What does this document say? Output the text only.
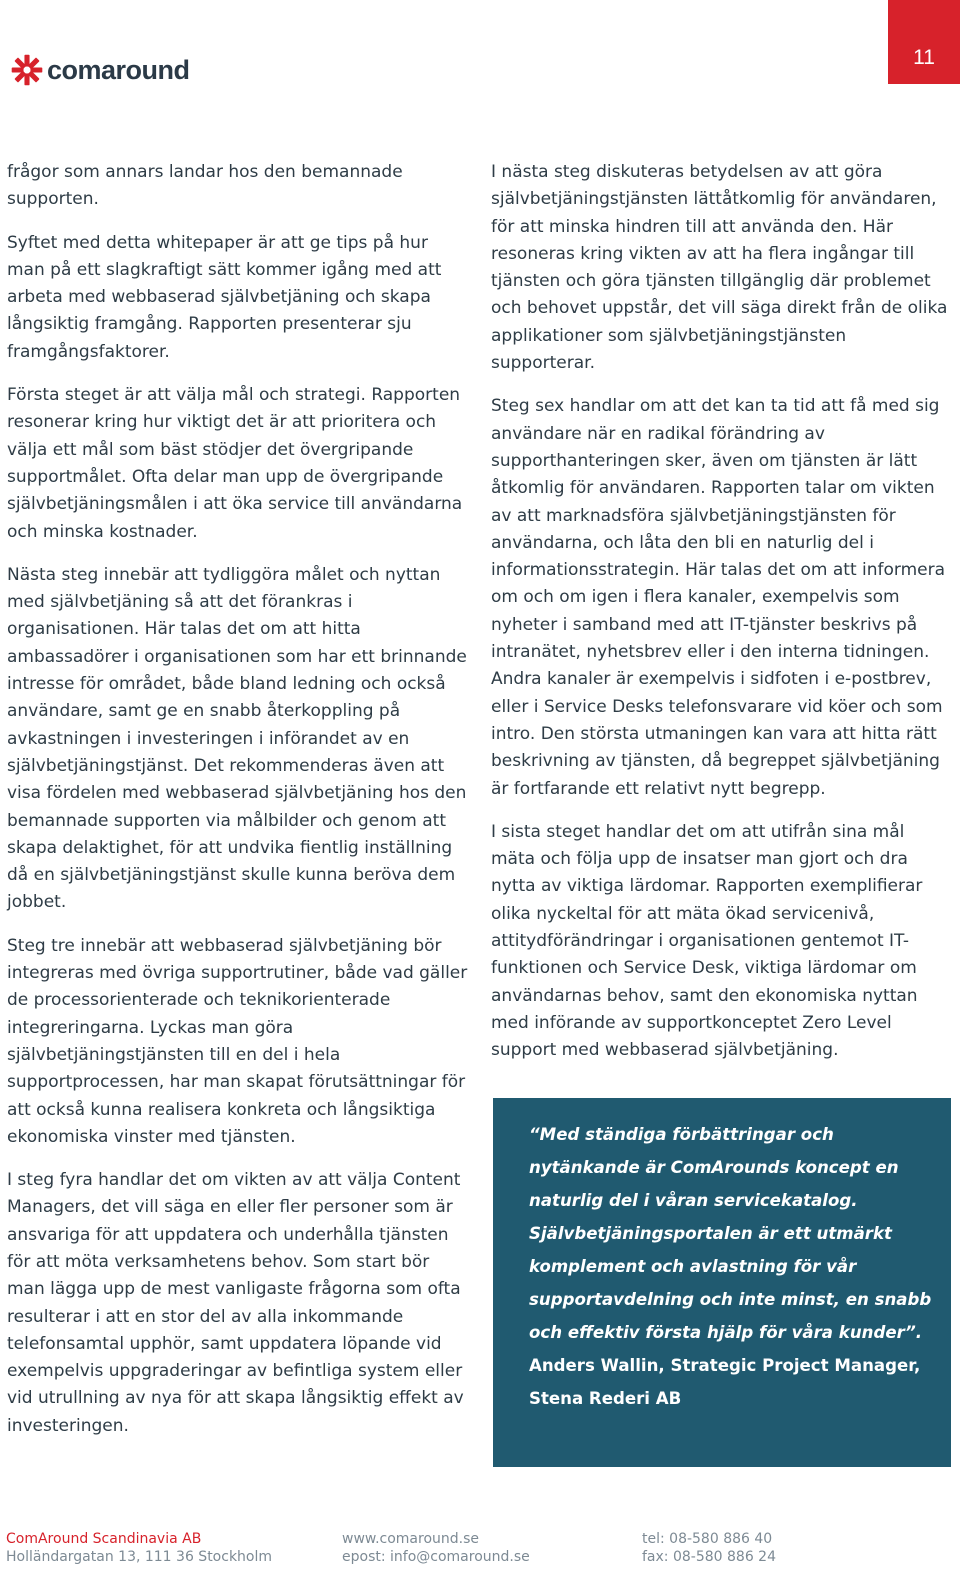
comaround	11

frågor som annars landar hos den bemannade supporten.

Syftet med detta whitepaper är att ge tips på hur man på ett slagkraftigt sätt kommer igång med att arbeta med webbaserad självbetjäning och skapa långsiktig framgång. Rapporten presenterar sju framgångsfaktorer.

Första steget är att välja mål och strategi. Rapporten resonerar kring hur viktigt det är att prioritera och välja ett mål som bäst stödjer det övergripande supportmålet. Ofta delar man upp de övergripande självbetjäningsmålen i att öka service till användarna och minska kostnader.

Nästa steg innebär att tydliggöra målet och nyttan med självbetjäning så att det förankras i organisationen. Här talas det om att hitta ambassadörer i organisationen som har ett brinnande intresse för området, både bland ledning och också användare, samt ge en snabb återkoppling på avkastningen i investeringen i införandet av en självbetjäningstjänst. Det rekommenderas även att visa fördelen med webbaserad självbetjäning hos den bemannade supporten via målbilder och genom att skapa delaktighet, för att undvika fientlig inställning då en självbetjäningstjänst skulle kunna beröva dem jobbet.

Steg tre innebär att webbaserad självbetjäning bör integreras med övriga supportrutiner, både vad gäller de processorienterade och teknikorienterade integreringarna. Lyckas man göra självbetjäningstjänsten till en del i hela supportprocessen, har man skapat förutsättningar för att också kunna realisera konkreta och långsiktiga ekonomiska vinster med tjänsten.

I steg fyra handlar det om vikten av att välja Content Managers, det vill säga en eller fler personer som är ansvariga för att uppdatera och underhålla tjänsten för att möta verksamhetens behov. Som start bör man lägga upp de mest vanligaste frågorna som ofta resulterar i att en stor del av alla inkommande telefonsamtal upphör, samt uppdatera löpande vid exempelvis uppgraderingar av befintliga system eller vid utrullning av nya för att skapa långsiktig effekt av investeringen.

I nästa steg diskuteras betydelsen av att göra självbetjäningstjänsten lättåtkomlig för användaren, för att minska hindren till att använda den. Här resoneras kring vikten av att ha flera ingångar till tjänsten och göra tjänsten tillgänglig där problemet och behovet uppstår, det vill säga direkt från de olika applikationer som självbetjäningstjänsten supporterar.

Steg sex handlar om att det kan ta tid att få med sig användare när en radikal förändring av supporthanteringen sker, även om tjänsten är lätt åtkomlig för användaren. Rapporten talar om vikten av att marknadsföra självbetjäningstjänsten för användarna, och låta den bli en naturlig del i informationsstrategin. Här talas det om att informera om och om igen i flera kanaler, exempelvis som nyheter i samband med att IT-tjänster beskrivs på intranätet, nyhetsbrev eller i den interna tidningen. Andra kanaler är exempelvis i sidfoten i e-postbrev, eller i Service Desks telefonsvarare vid köer och som intro. Den största utmaningen kan vara att hitta rätt beskrivning av tjänsten, då begreppet självbetjäning är fortfarande ett relativt nytt begrepp.

I sista steget handlar det om att utifrån sina mål mäta och följa upp de insatser man gjort och dra nytta av viktiga lärdomar. Rapporten exemplifierar olika nyckeltal för att mäta ökad servicenivå, attitydförändringar i organisationen gentemot IT-funktionen och Service Desk, viktiga lärdomar om användarnas behov, samt den ekonomiska nyttan med införande av supportkonceptet Zero Level support med webbaserad självbetjäning.

“Med ständiga förbättringar och nytänkande är ComArounds koncept en naturlig del i våran servicekatalog. Självbetjäningsportalen är ett utmärkt komplement och avlastning för vår supportavdelning och inte minst, en snabb och effektiv första hjälp för våra kunder”.

Anders Wallin, Strategic Project Manager, Stena Rederi AB

ComAround Scandinavia AB
Holländargatan 13, 111 36 Stockholm
www.comaround.se
epost: info@comaround.se
tel: 08-580 886 40
fax: 08-580 886 24
